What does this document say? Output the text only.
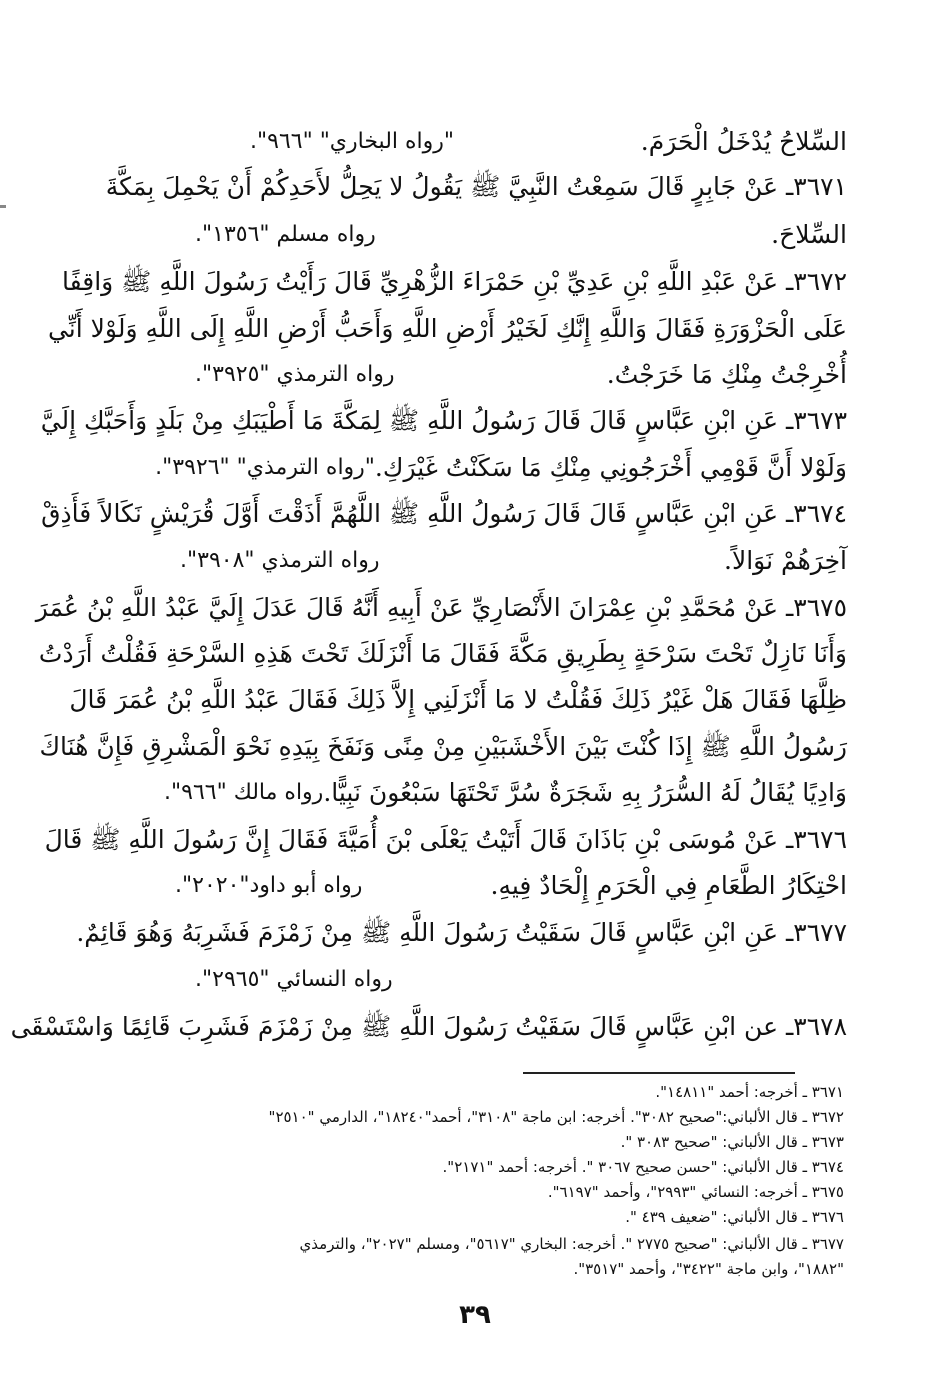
السِّلاحُ يُدْخَلُ الْحَرَمَ.
"رواه البخاري" "٩٦٦".
٣٦٧١ـ عَنْ جَابِرٍ قَالَ سَمِعْتُ النَّبِيَّ ﷺ يَقُولُ لا يَحِلُّ لأَحَدِكُمْ أَنْ يَحْمِلَ بِمَكَّةَ
السِّلاحَ.
رواه مسلم "١٣٥٦".
٣٦٧٢ـ عَنْ عَبْدِ اللَّهِ بْنِ عَدِيِّ بْنِ حَمْرَاءَ الزُّهْرِيِّ قَالَ رَأَيْتُ رَسُولَ اللَّهِ ﷺ وَاقِفًا
عَلَى الْحَزْوَرَةِ فَقَالَ وَاللَّهِ إِنَّكِ لَخَيْرُ أَرْضِ اللَّهِ وَأَحَبُّ أَرْضِ اللَّهِ إِلَى اللَّهِ وَلَوْلا أَنِّي
أُخْرِجْتُ مِنْكِ مَا خَرَجْتُ.
رواه الترمذي "٣٩٢٥".
٣٦٧٣ـ عَنِ ابْنِ عَبَّاسٍ قَالَ قَالَ رَسُولُ اللَّهِ ﷺ لِمَكَّةَ مَا أَطْيَبَكِ مِنْ بَلَدٍ وَأَحَبَّكِ إِلَيَّ
وَلَوْلا أَنَّ قَوْمِي أَخْرَجُونِي مِنْكِ مَا سَكَنْتُ غَيْرَكِ.
"رواه الترمذي" "٣٩٢٦".
٣٦٧٤ـ عَنِ ابْنِ عَبَّاسٍ قَالَ قَالَ رَسُولُ اللَّهِ ﷺ اللَّهُمَّ أَذَقْتَ أَوَّلَ قُرَيْشٍ نَكَالاً فَأَذِقْ
آخِرَهُمْ نَوَالاً.
رواه الترمذي "٣٩٠٨".
٣٦٧٥ـ عَنْ مُحَمَّدِ بْنِ عِمْرَانَ الأَنْصَارِيِّ عَنْ أَبِيهِ أَنَّهُ قَالَ عَدَلَ إِلَيَّ عَبْدُ اللَّهِ بْنُ عُمَرَ
وَأَنَا نَازِلٌ تَحْتَ سَرْحَةٍ بِطَرِيقِ مَكَّةَ فَقَالَ مَا أَنْزَلَكَ تَحْتَ هَذِهِ السَّرْحَةِ فَقُلْتُ أَرَدْتُ
ظِلَّهَا فَقَالَ هَلْ غَيْرُ ذَلِكَ فَقُلْتُ لا مَا أَنْزَلَنِي إِلاَّ ذَلِكَ فَقَالَ عَبْدُ اللَّهِ بْنُ عُمَرَ قَالَ
رَسُولُ اللَّهِ ﷺ إِذَا كُنْتَ بَيْنَ الأَخْشَبَيْنِ مِنْ مِنًى وَنَفَخَ بِيَدِهِ نَحْوَ الْمَشْرِقِ فَإِنَّ هُنَاكَ
وَادِيًا يُقَالُ لَهُ السُّرَرُ بِهِ شَجَرَةٌ سُرَّ تَحْتَهَا سَبْعُونَ نَبِيًّا.
رواه مالك "٩٦٦".
٣٦٧٦ـ عَنْ مُوسَى بْنِ بَاذَانَ قَالَ أَتَيْتُ يَعْلَى بْنَ أُمَيَّةَ فَقَالَ إِنَّ رَسُولَ اللَّهِ ﷺ قَالَ
احْتِكَارُ الطَّعَامِ فِي الْحَرَمِ إِلْحَادٌ فِيهِ.
رواه أبو داود"٢٠٢٠".
٣٦٧٧ـ عَنِ ابْنِ عَبَّاسٍ قَالَ سَقَيْتُ رَسُولَ اللَّهِ ﷺ مِنْ زَمْزَمَ فَشَرِبَهُ وَهُوَ قَائِمٌ.
رواه النسائي "٢٩٦٥".
٣٦٧٨ـ عن ابْنِ عَبَّاسٍ قَالَ سَقَيْتُ رَسُولَ اللَّهِ ﷺ مِنْ زَمْزَمَ فَشَرِبَ قَائِمًا وَاسْتَسْقَى
٣٦٧١ ـ أخرجه: أحمد "١٤٨١١".
٣٦٧٢ ـ قال الألباني:"صحيح ٣٠٨٢". أخرجه: ابن ماجة "٣١٠٨"، أحمد"١٨٢٤٠"، الدارمي "٢٥١٠"
٣٦٧٣ ـ قال الألباني: "صحيح ٣٠٨٣ ".
٣٦٧٤ ـ قال الألباني: "حسن صحيح ٣٠٦٧ ". أخرجه: أحمد "٢١٧١".
٣٦٧٥ ـ أخرجه: النسائي "٢٩٩٣"، وأحمد "٦١٩٧".
٣٦٧٦ ـ قال الألباني: "ضعيف ٤٣٩ ".
٣٦٧٧ ـ قال الألباني: "صحيح ٢٧٧٥ ". أخرجه: البخاري "٥٦١٧"، ومسلم "٢٠٢٧"، والترمذي
"١٨٨٢"، وابن ماجة "٣٤٢٢"، وأحمد "٣٥١٧".
٣٩
